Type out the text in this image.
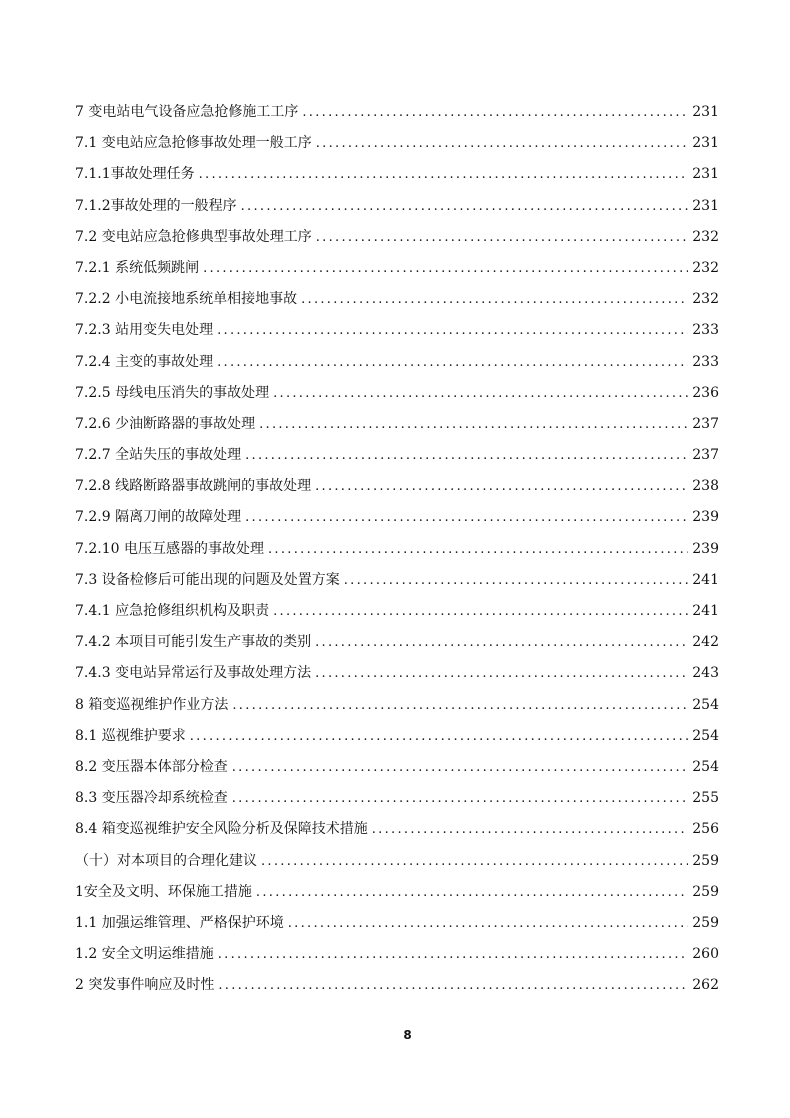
7 变电站电气设备应急抢修施工工序 .....	231
7.1 变电站应急抢修事故处理一般工序 .....	231
7.1.1事故处理任务 .....	231
7.1.2事故处理的一般程序 .....	231
7.2 变电站应急抢修典型事故处理工序 .....	232
7.2.1 系统低频跳闸 .....	232
7.2.2 小电流接地系统单相接地事故 .....	232
7.2.3 站用变失电处理 .....	233
7.2.4 主变的事故处理 .....	233
7.2.5 母线电压消失的事故处理 .....	236
7.2.6 少油断路器的事故处理 .....	237
7.2.7 全站失压的事故处理 .....	237
7.2.8 线路断路器事故跳闸的事故处理 .....	238
7.2.9 隔离刀闸的故障处理 .....	239
7.2.10 电压互感器的事故处理 .....	239
7.3 设备检修后可能出现的问题及处置方案 .....	241
7.4.1 应急抢修组织机构及职责 .....	241
7.4.2 本项目可能引发生产事故的类别 .....	242
7.4.3 变电站异常运行及事故处理方法 .....	243
8 箱变巡视维护作业方法 .....	254
8.1 巡视维护要求 .....	254
8.2 变压器本体部分检查 .....	254
8.3 变压器冷却系统检查 .....	255
8.4 箱变巡视维护安全风险分析及保障技术措施 .....	256
（十）对本项目的合理化建议 .....	259
1安全及文明、环保施工措施 .....	259
1.1 加强运维管理、严格保护环境 .....	259
1.2 安全文明运维措施 .....	260
2 突发事件响应及时性 .....	262
8
